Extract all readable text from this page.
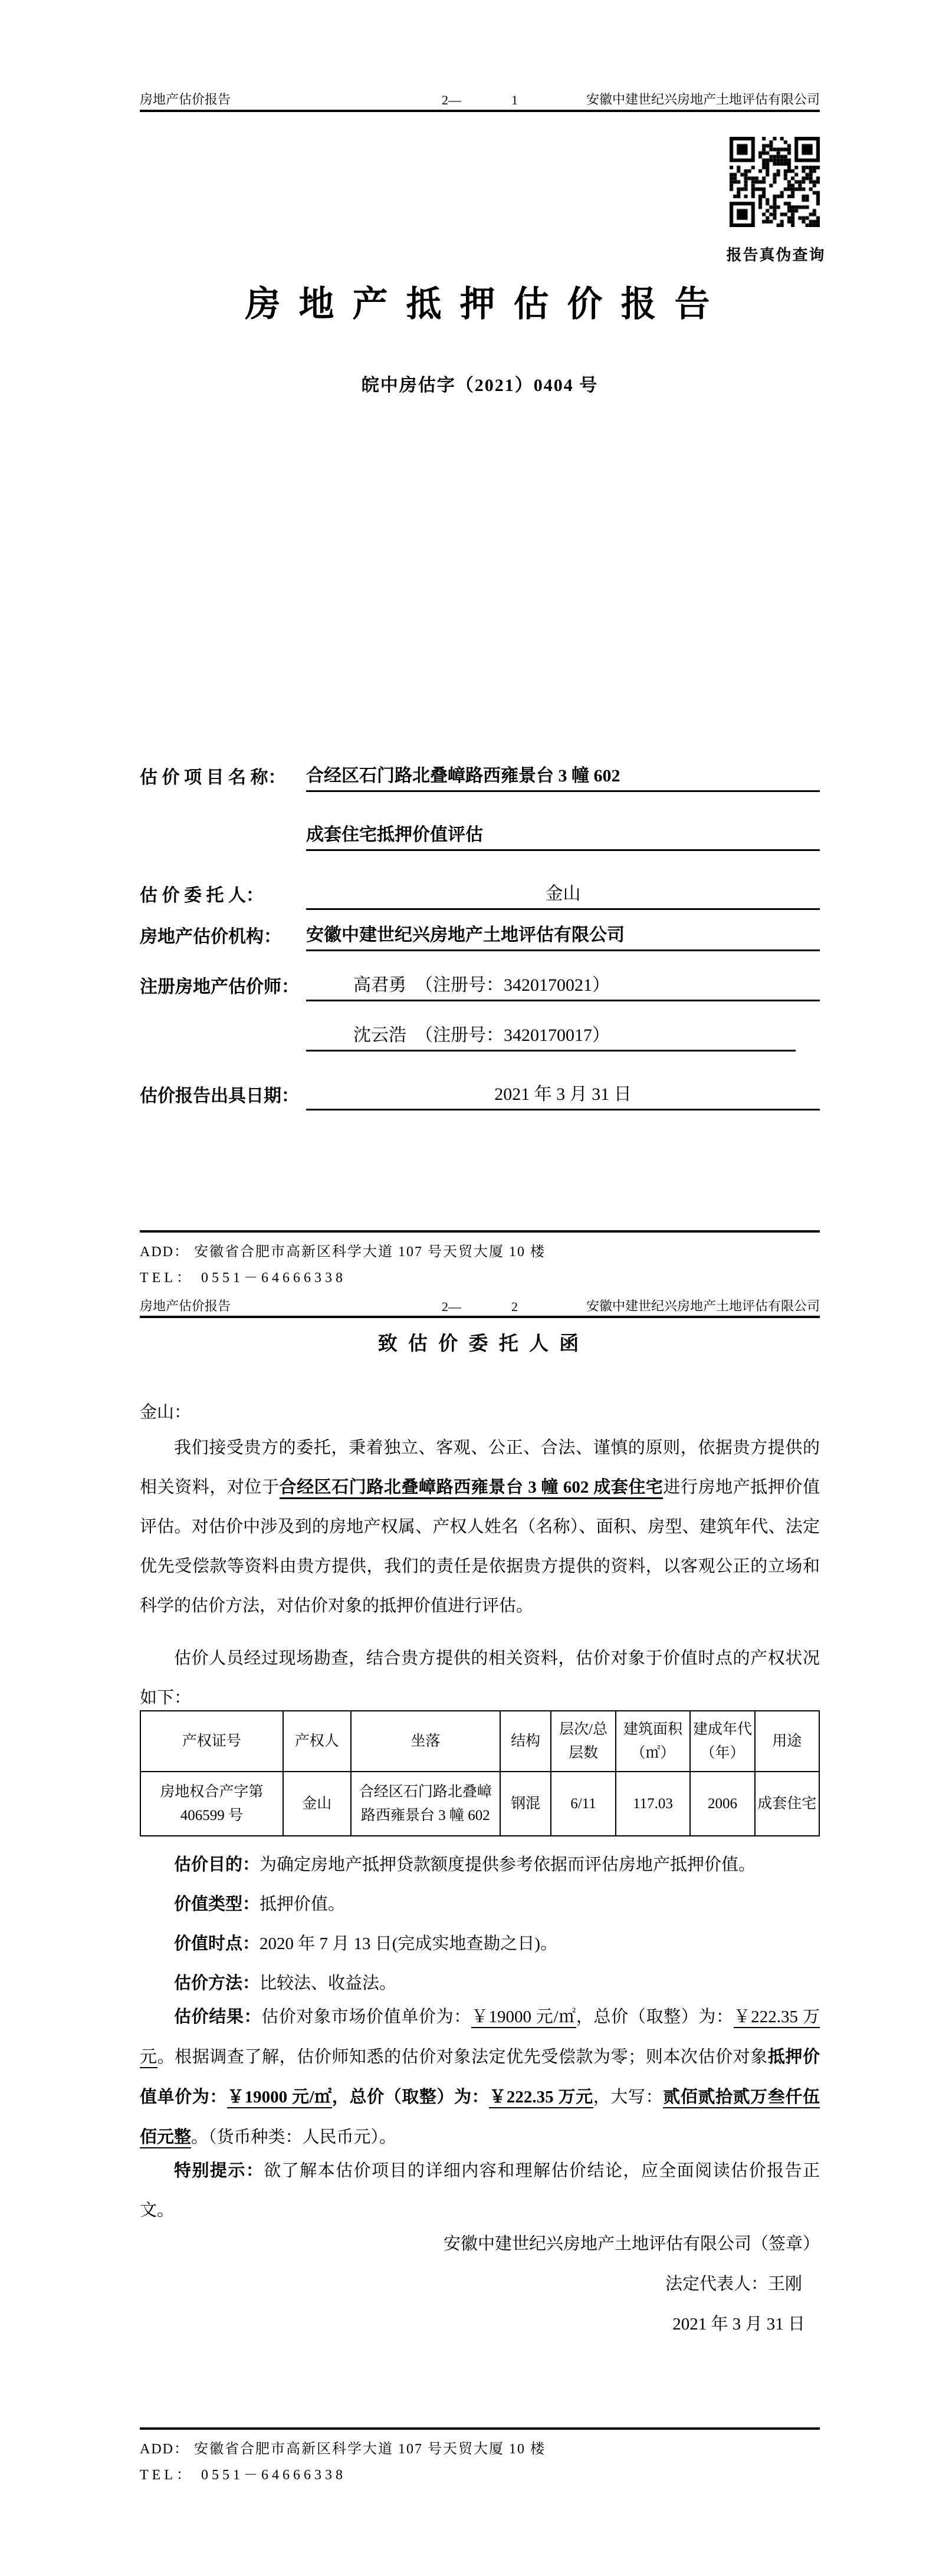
房地产估价报告	2—	1	安徽中建世纪兴房地产土地评估有限公司
报告真伪查询
房 地 产 抵 押 估 价 报 告
皖中房估字（2021）0404 号
估 价 项 目 名 称：	合经区石门路北叠嶂路西雍景台 3 幢 602
成套住宅抵押价值评估
估 价 委 托 人：	金山
房地产估价机构：	安徽中建世纪兴房地产土地评估有限公司
注册房地产估价师：	高君勇　（注册号：3420170021）
沈云浩　（注册号：3420170017）
估价报告出具日期：	2021 年 3 月 31 日
ADD： 安徽省合肥市高新区科学大道 107 号天贸大厦 10 楼
TEL： 0551－64666338
房地产估价报告	2—	2	安徽中建世纪兴房地产土地评估有限公司
致 估 价 委 托 人 函
金山：

我们接受贵方的委托，秉着独立、客观、公正、合法、谨慎的原则，依据贵方提供的相关资料，对位于合经区石门路北叠嶂路西雍景台 3 幢 602 成套住宅进行房地产抵押价值评估。对估价中涉及到的房地产权属、产权人姓名（名称）、面积、房型、建筑年代、法定优先受偿款等资料由贵方提供，我们的责任是依据贵方提供的资料，以客观公正的立场和科学的估价方法，对估价对象的抵押价值进行评估。

估价人员经过现场勘查，结合贵方提供的相关资料，估价对象于价值时点的产权状况如下：

产权证号	产权人	坐落	结构	层次/总层数	建筑面积（㎡）	建成年代（年）	用途
房地权合产字第406599 号	金山	合经区石门路北叠嶂路西雍景台 3 幢 602	钢混	6/11	117.03	2006	成套住宅

估价目的：为确定房地产抵押贷款额度提供参考依据而评估房地产抵押价值。

价值类型：抵押价值。

价值时点：2020 年 7 月 13 日(完成实地查勘之日)。

估价方法：比较法、收益法。

估价结果：估价对象市场价值单价为：￥19000 元/㎡，总价（取整）为：￥222.35 万元。根据调查了解，估价师知悉的估价对象法定优先受偿款为零；则本次估价对象抵押价值单价为：￥19000 元/㎡，总价（取整）为：￥222.35 万元，大写：贰佰贰拾贰万叁仟伍佰元整。（货币种类：人民币元）。

特别提示：欲了解本估价项目的详细内容和理解估价结论，应全面阅读估价报告正文。

安徽中建世纪兴房地产土地评估有限公司（签章）
法定代表人：王刚
2021 年 3 月 31 日
ADD： 安徽省合肥市高新区科学大道 107 号天贸大厦 10 楼
TEL： 0551－64666338
